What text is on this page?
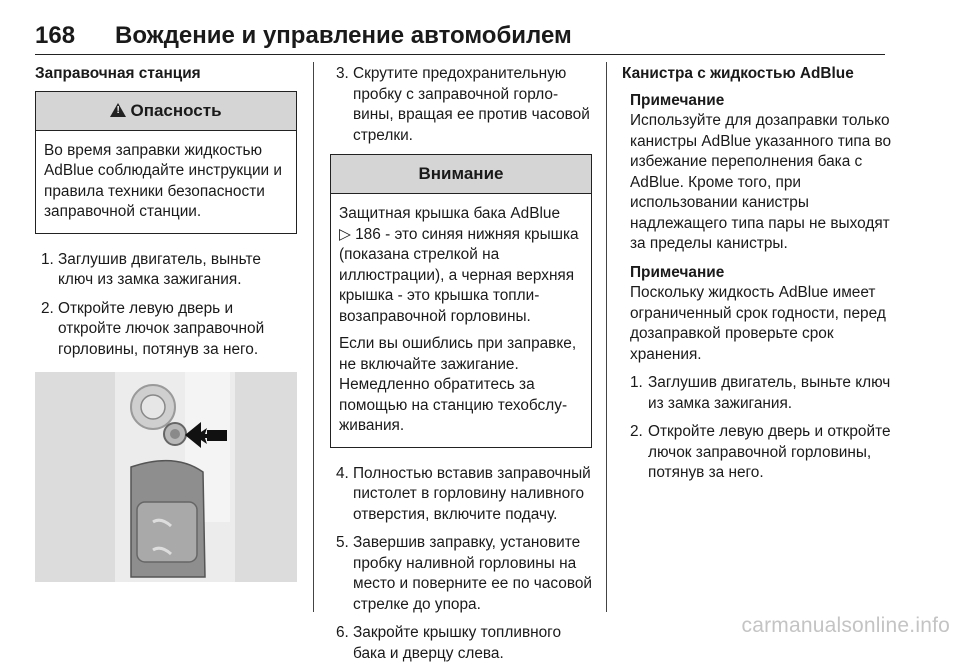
168 Вождение и управление автомобилем
Заправочная станция
!Опасность

Во время заправки жидкостью AdBlue соблюдайте инструкции и правила техники безопасности заправочной станции.

1. Заглушив двигатель, выньте ключ из замка зажигания.
2. Откройте левую дверь и откройте лючок заправочной горловины, потянув за него.
3. Скрутите предохранительную пробку с заправочной горловины, вращая ее против часовой стрелки.
Внимание

Защитная крышка бака AdBlue
▷ 186 - это синяя нижняя крышка (показана стрелкой на иллюстрации), а черная верхняя крышка - это крышка топливозаправочной горловины.

Если вы ошиблись при заправке, не включайте зажигание. Немедленно обратитесь за помощью на станцию техобслуживания.

4. Полностью вставив заправочный пистолет в горловину наливного отверстия, включите подачу.
5. Завершив заправку, установите пробку наливной горловины на место и поверните ее по часовой стрелке до упора.
6. Закройте крышку топливного бака и дверцу слева.
Канистра с жидкостью AdBlue
Примечание

Используйте для дозаправки только канистры AdBlue указанного типа во избежание переполнения бака с AdBlue. Кроме того, при использовании канистры надлежащего типа пары не выходят за пределы канистры.

Примечание

Поскольку жидкость AdBlue имеет ограниченный срок годности, перед дозаправкой проверьте срок хранения.

1. Заглушив двигатель, выньте ключ из замка зажигания.
2. Откройте левую дверь и откройте лючок заправочной горловины, потянув за него.
carmanualsonline.info
